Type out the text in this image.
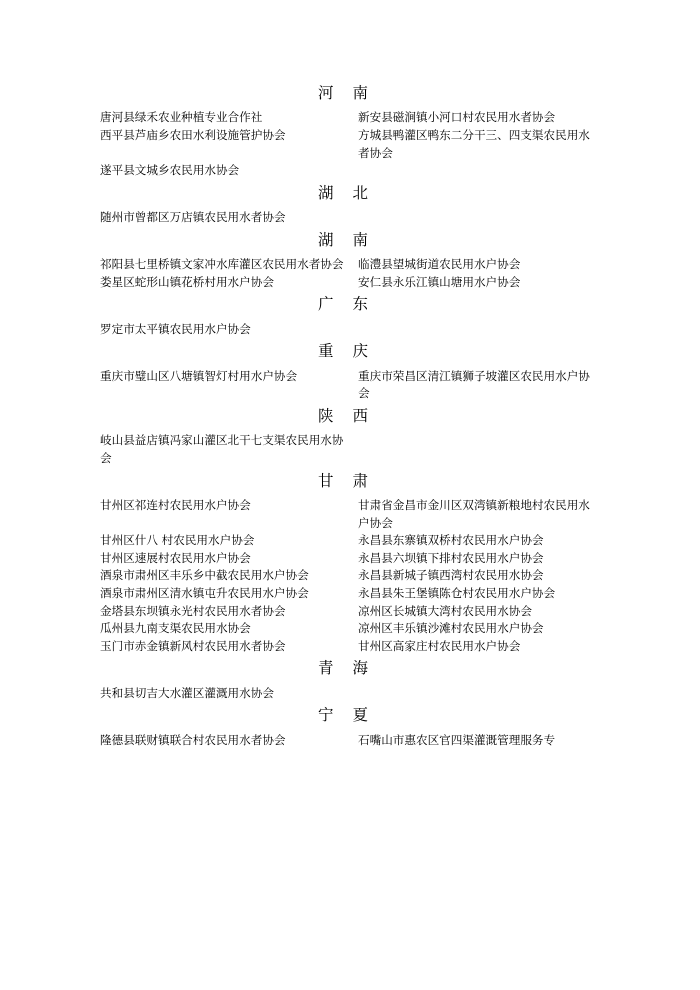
河 南
唐河县绿禾农业种植专业合作社	新安县磁涧镇小河口村农民用水者协会
西平县芦庙乡农田水利设施管护协会	方城县鸭灌区鸭东二分干三、四支渠农民用水者协会
遂平县文城乡农民用水协会
湖 北
随州市曾都区万店镇农民用水者协会
湖 南
祁阳县七里桥镇文家冲水库灌区农民用水者协会	临澧县望城街道农民用水户协会
娄星区蛇形山镇花桥村用水户协会	安仁县永乐江镇山塘用水户协会
广 东
罗定市太平镇农民用水户协会
重 庆
重庆市璧山区八塘镇智灯村用水户协会	重庆市荣昌区清江镇狮子坡灌区农民用水户协会
陕 西
岐山县益店镇冯家山灌区北干七支渠农民用水协会
甘 肃
甘州区祁连村农民用水户协会	甘肃省金昌市金川区双湾镇新粮地村农民用水户协会
甘州区什八 村农民用水户协会	永昌县东寨镇双桥村农民用水户协会
甘州区速展村农民用水户协会	永昌县六坝镇下排村农民用水户协会
酒泉市肃州区丰乐乡中截农民用水户协会	永昌县新城子镇西湾村农民用水协会
酒泉市肃州区清水镇屯升农民用水户协会	永昌县朱王堡镇陈仓村农民用水户协会
金塔县东坝镇永光村农民用水者协会	凉州区长城镇大湾村农民用水协会
瓜州县九南支渠农民用水协会	凉州区丰乐镇沙滩村农民用水户协会
玉门市赤金镇新风村农民用水者协会	甘州区高家庄村农民用水户协会
青 海
共和县切吉大水灌区灌溉用水协会
宁 夏
隆德县联财镇联合村农民用水者协会	石嘴山市惠农区官四渠灌溉管理服务专
